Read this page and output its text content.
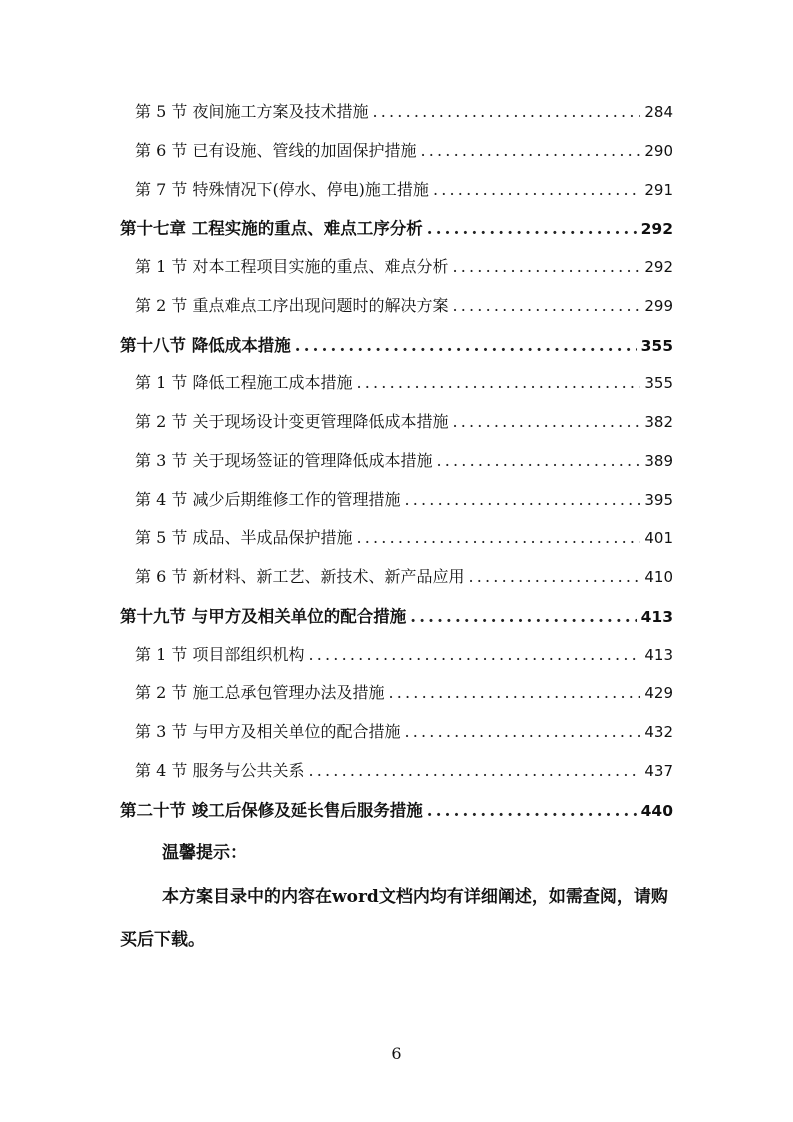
第 5 节 夜间施工方案及技术措施 .....	284
第 6 节 已有设施、管线的加固保护措施 .....	290
第 7 节 特殊情况下(停水、停电)施工措施 .....	291
第十七章 工程实施的重点、难点工序分析 .....	292
第 1 节 对本工程项目实施的重点、难点分析 .....	292
第 2 节 重点难点工序出现问题时的解决方案 .....	299
第十八节 降低成本措施 .....	355
第 1 节 降低工程施工成本措施 .....	355
第 2 节 关于现场设计变更管理降低成本措施 .....	382
第 3 节 关于现场签证的管理降低成本措施 .....	389
第 4 节 减少后期维修工作的管理措施 .....	395
第 5 节 成品、半成品保护措施 .....	401
第 6 节 新材料、新工艺、新技术、新产品应用 .....	410
第十九节 与甲方及相关单位的配合措施 .....	413
第 1 节 项目部组织机构 .....	413
第 2 节 施工总承包管理办法及措施 .....	429
第 3 节 与甲方及相关单位的配合措施 .....	432
第 4 节 服务与公共关系 .....	437
第二十节 竣工后保修及延长售后服务措施 .....	440
温馨提示：
本方案目录中的内容在word文档内均有详细阐述，如需查阅，请购买后下载。
6
